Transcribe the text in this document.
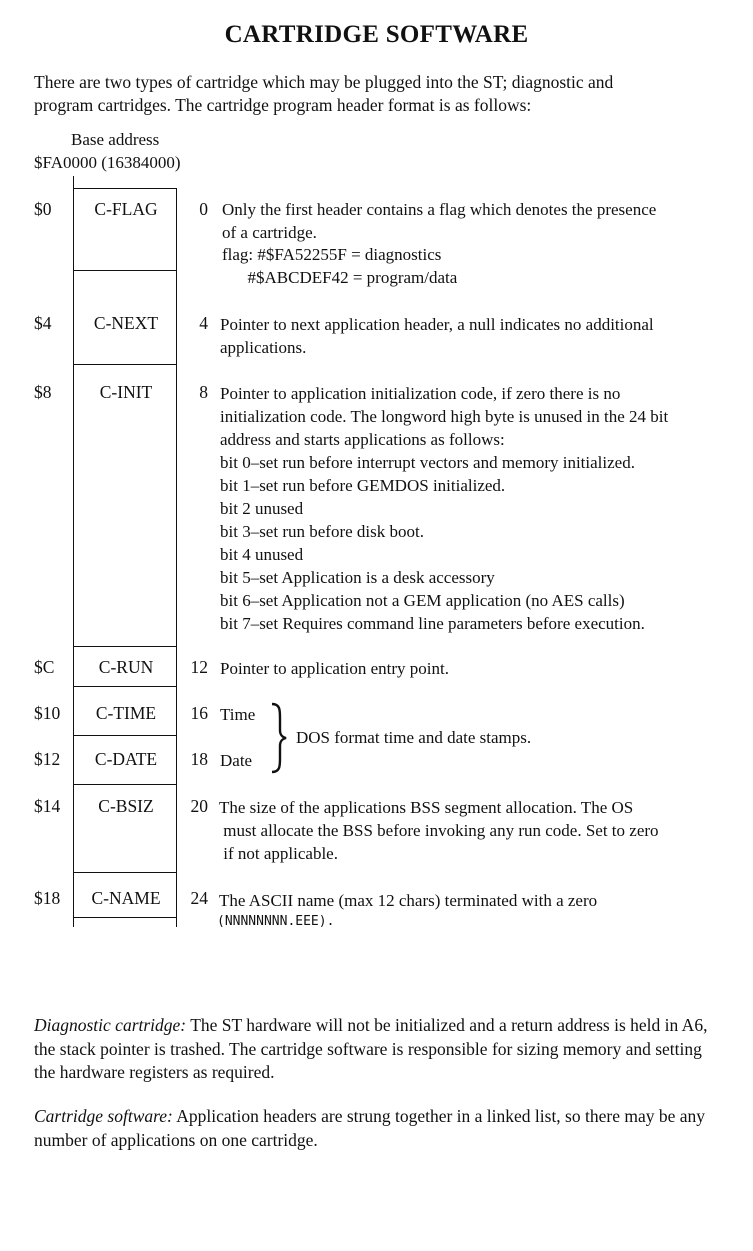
CARTRIDGE SOFTWARE
There are two types of cartridge which may be plugged into the ST; diagnostic and
program cartridges. The cartridge program header format is as follows:
Base address
$FA0000 (16384000)
$0	C-FLAG	0 Only the first header contains a flag which denotes the presence
of a cartridge.
flag: #$FA52255F = diagnostics
#$ABCDEF42 = program/data
$4	C-NEXT	4 Pointer to next application header, a null indicates no additional
applications.
$8	C-INIT	8 Pointer to application initialization code, if zero there is no
initialization code. The longword high byte is unused in the 24 bit
address and starts applications as follows:
bit 0–set run before interrupt vectors and memory initialized.
bit 1–set run before GEMDOS initialized.
bit 2 unused
bit 3–set run before disk boot.
bit 4 unused
bit 5–set Application is a desk accessory
bit 6–set Application not a GEM application (no AES calls)
bit 7–set Requires command line parameters before execution.
$C	C-RUN	12 Pointer to application entry point.
$10	C-TIME	16 Time
$12	C-DATE	18 Date
DOS format time and date stamps.
$14	C-BSIZ	20 The size of the applications BSS segment allocation. The OS
must allocate the BSS before invoking any run code. Set to zero
if not applicable.
$18	C-NAME	24 The ASCII name (max 12 chars) terminated with a zero
(NNNNNNNN.EEE).
Diagnostic cartridge: The ST hardware will not be initialized and a return address is held in A6, the stack pointer is trashed. The cartridge software is responsible for sizing memory and setting the hardware registers as required.
Cartridge software: Application headers are strung together in a linked list, so there may be any number of applications on one cartridge.
